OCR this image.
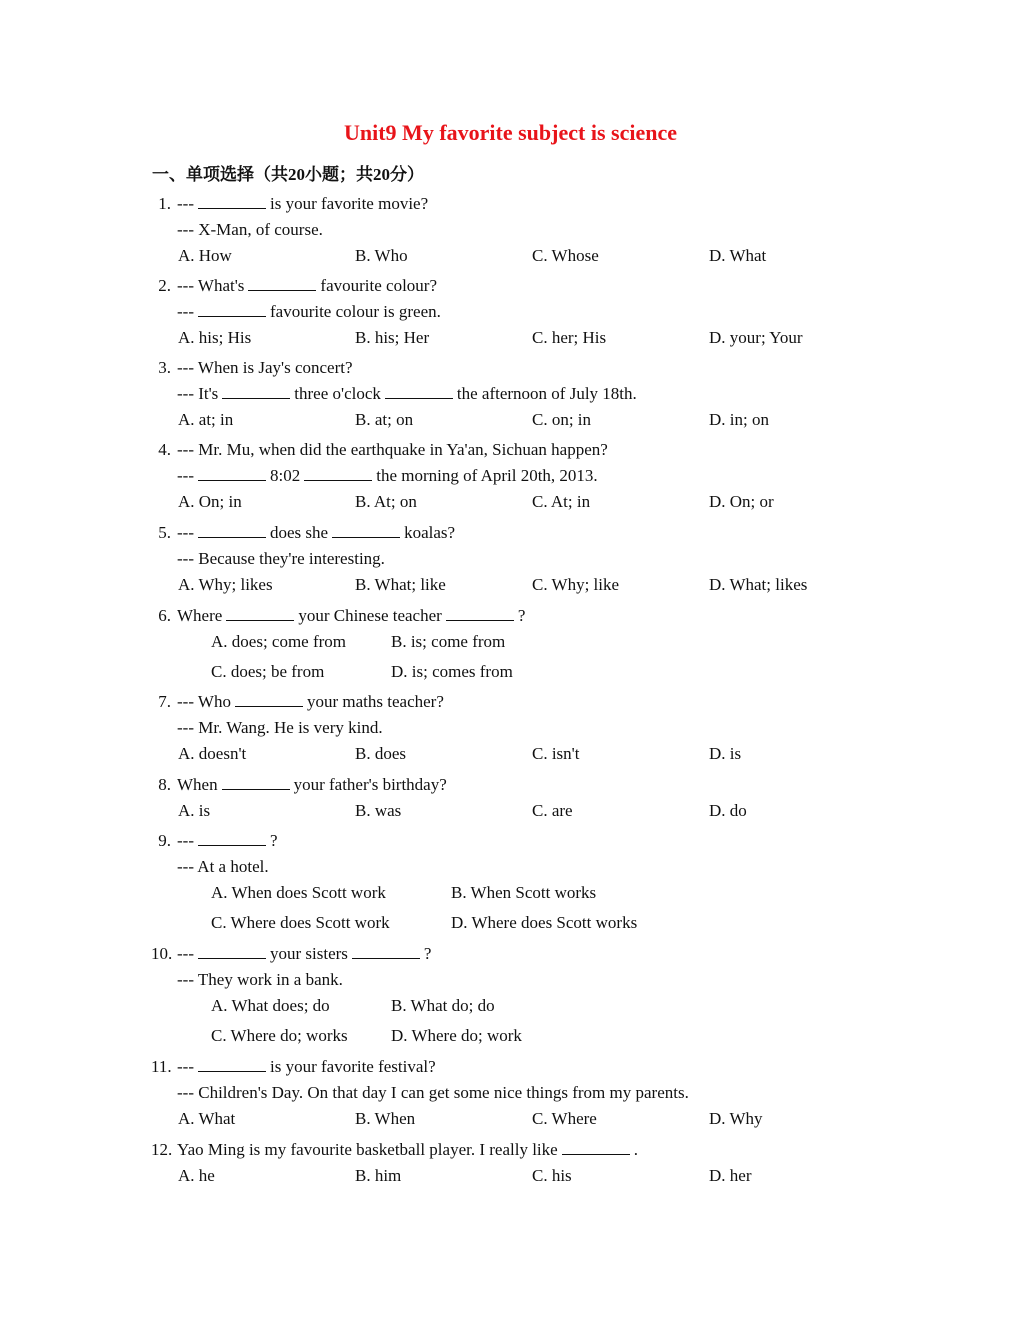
Unit9 My favorite subject is science
一、单项选择（共20小题；共20分）
1. ---	is your favorite movie?
--- X-Man, of course.
A. How	B. Who	C. Whose	D. What
2. --- What's	favourite colour?
---	favourite colour is green.
A. his; His	B. his; Her	C. her; His	D. your; Your
3. --- When is Jay's concert?
--- It's	three o'clock	the afternoon of July 18th.
A. at; in	B. at; on	C. on; in	D. in; on
4. --- Mr. Mu, when did the earthquake in Ya'an, Sichuan happen?
---	8:02	the morning of April 20th, 2013.
A. On; in	B. At; on	C. At; in	D. On; or
5. ---	does she	koalas?
--- Because they're interesting.
A. Why; likes	B. What; like	C. Why; like	D. What; likes
6. Where	your Chinese teacher	?
A. does; come from	B. is; come from
C. does; be from	D. is; comes from
7. --- Who	your maths teacher?
--- Mr. Wang. He is very kind.
A. doesn't	B. does	C. isn't	D. is
8. When	your father's birthday?
A. is	B. was	C. are	D. do
9. ---	?
--- At a hotel.
A. When does Scott work	B. When Scott works
C. Where does Scott work	D. Where does Scott works
10. ---	your sisters	?
--- They work in a bank.
A. What does; do	B. What do; do
C. Where do; works	D. Where do; work
11. ---	is your favorite festival?
--- Children's Day. On that day I can get some nice things from my parents.
A. What	B. When	C. Where	D. Why
12. Yao Ming is my favourite basketball player. I really like	.
A. he	B. him	C. his	D. her
